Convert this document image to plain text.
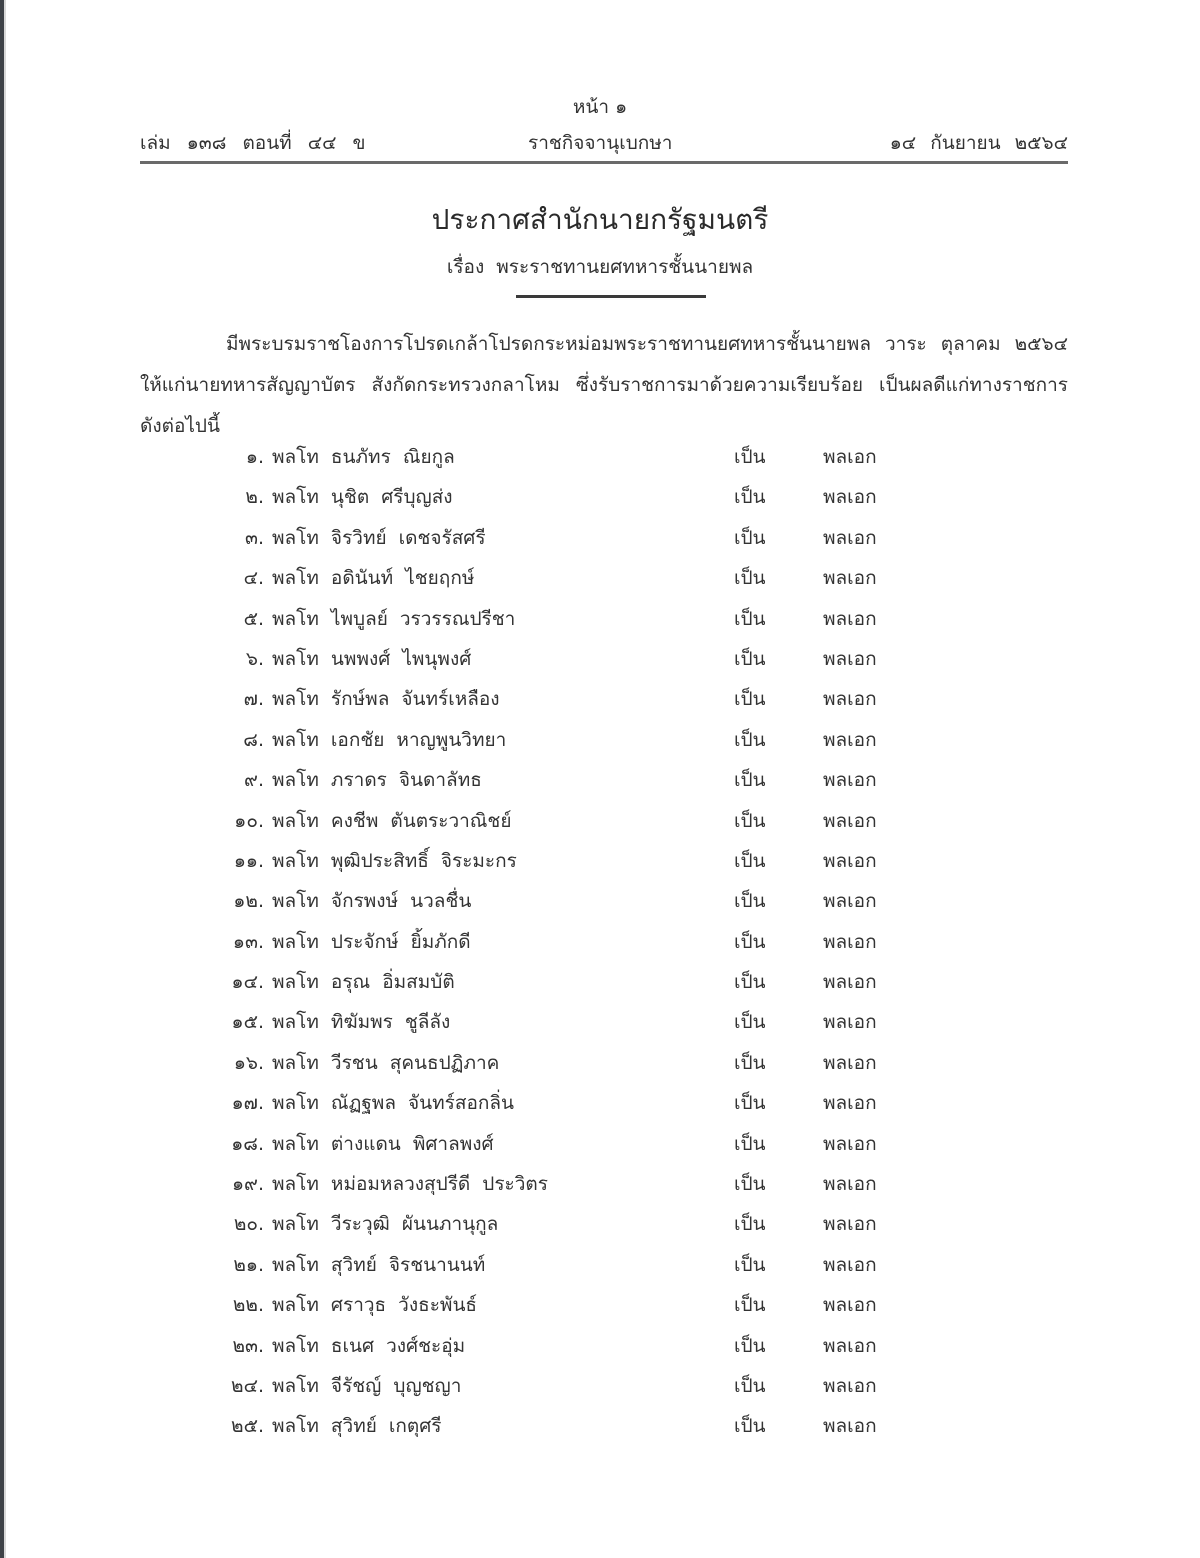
หน้า ๑
เล่ม ๑๓๘ ตอนที่ ๔๔ ข	ราชกิจจานุเบกษา	๑๔ กันยายน ๒๕๖๔
ประกาศสำนักนายกรัฐมนตรี
เรื่อง พระราชทานยศทหารชั้นนายพล
มีพระบรมราชโองการโปรดเกล้าโปรดกระหม่อมพระราชทานยศทหารชั้นนายพล วาระ ตุลาคม ๒๕๖๔ ให้แก่นายทหารสัญญาบัตร สังกัดกระทรวงกลาโหม ซึ่งรับราชการมาด้วยความเรียบร้อย เป็นผลดีแก่ทางราชการ ดังต่อไปนี้
๑. พลโท ธนภัทร ณิยกูล	เป็น	พลเอก
๒. พลโท นุชิต ศรีบุญส่ง	เป็น	พลเอก
๓. พลโท จิรวิทย์ เดชจรัสศรี	เป็น	พลเอก
๔. พลโท อดินันท์ ไชยฤกษ์	เป็น	พลเอก
๕. พลโท ไพบูลย์ วรวรรณปรีชา	เป็น	พลเอก
๖. พลโท นพพงศ์ ไพนุพงศ์	เป็น	พลเอก
๗. พลโท รักษ์พล จันทร์เหลือง	เป็น	พลเอก
๘. พลโท เอกชัย หาญพูนวิทยา	เป็น	พลเอก
๙. พลโท ภราดร จินดาลัทธ	เป็น	พลเอก
๑๐. พลโท คงชีพ ตันตระวาณิชย์	เป็น	พลเอก
๑๑. พลโท พุฒิประสิทธิ์ จิระมะกร	เป็น	พลเอก
๑๒. พลโท จักรพงษ์ นวลชื่น	เป็น	พลเอก
๑๓. พลโท ประจักษ์ ยิ้มภักดี	เป็น	พลเอก
๑๔. พลโท อรุณ อิ่มสมบัติ	เป็น	พลเอก
๑๕. พลโท ทิฆัมพร ชูลีลัง	เป็น	พลเอก
๑๖. พลโท วีรชน สุคนธปฏิภาค	เป็น	พลเอก
๑๗. พลโท ณัฏฐพล จันทร์สอกลิ่น	เป็น	พลเอก
๑๘. พลโท ต่างแดน พิศาลพงศ์	เป็น	พลเอก
๑๙. พลโท หม่อมหลวงสุปรีดี ประวิตร	เป็น	พลเอก
๒๐. พลโท วีระวุฒิ ผันนภานุกูล	เป็น	พลเอก
๒๑. พลโท สุวิทย์ จิรชนานนท์	เป็น	พลเอก
๒๒. พลโท ศราวุธ วังธะพันธ์	เป็น	พลเอก
๒๓. พลโท ธเนศ วงศ์ชะอุ่ม	เป็น	พลเอก
๒๔. พลโท จีรัชญ์ บุญชญา	เป็น	พลเอก
๒๕. พลโท สุวิทย์ เกตุศรี	เป็น	พลเอก
